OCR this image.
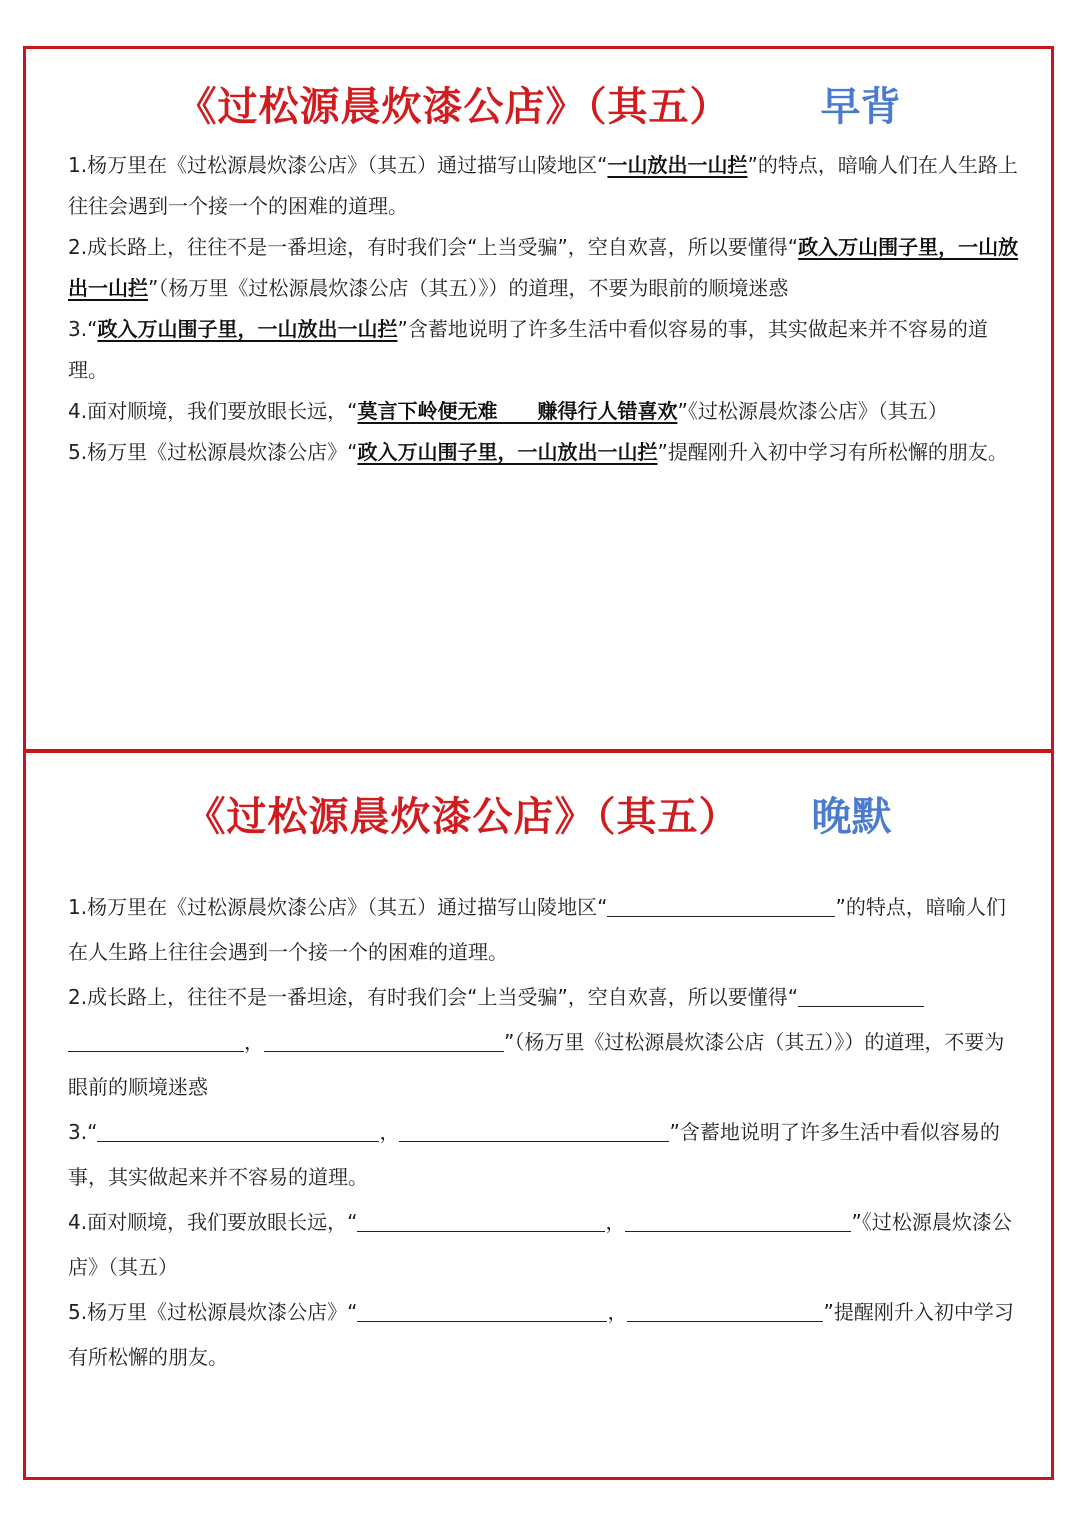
《过松源晨炊漆公店》（其五） 早背
1.杨万里在《过松源晨炊漆公店》（其五）通过描写山陵地区“一山放出一山拦”的特点，暗喻人们在人生路上往往会遇到一个接一个的困难的道理。
2.成长路上，往往不是一番坦途，有时我们会“上当受骗”，空自欢喜，所以要懂得“政入万山围子里，一山放出一山拦”（杨万里《过松源晨炊漆公店（其五）》）的道理，不要为眼前的顺境迷惑
3.“政入万山围子里，一山放出一山拦”含蓄地说明了许多生活中看似容易的事，其实做起来并不容易的道理。
4.面对顺境，我们要放眼长远，“莫言下岭便无难　　赚得行人错喜欢”《过松源晨炊漆公店》（其五）
5.杨万里《过松源晨炊漆公店》“政入万山围子里，一山放出一山拦”提醒刚升入初中学习有所松懈的朋友。
《过松源晨炊漆公店》（其五） 晚默
1.杨万里在《过松源晨炊漆公店》（其五）通过描写山陵地区“	”的特点，暗喻人们在人生路上往往会遇到一个接一个的困难的道理。
2.成长路上，往往不是一番坦途，有时我们会“上当受骗”，空自欢喜，所以要懂得“ ，	”（杨万里《过松源晨炊漆公店（其五）》）的道理，不要为眼前的顺境迷惑
3.“	，	”含蓄地说明了许多生活中看似容易的事，其实做起来并不容易的道理。
4.面对顺境，我们要放眼长远，“	，	”《过松源晨炊漆公店》（其五）
5.杨万里《过松源晨炊漆公店》“	，	”提醒刚升入初中学习有所松懈的朋友。
